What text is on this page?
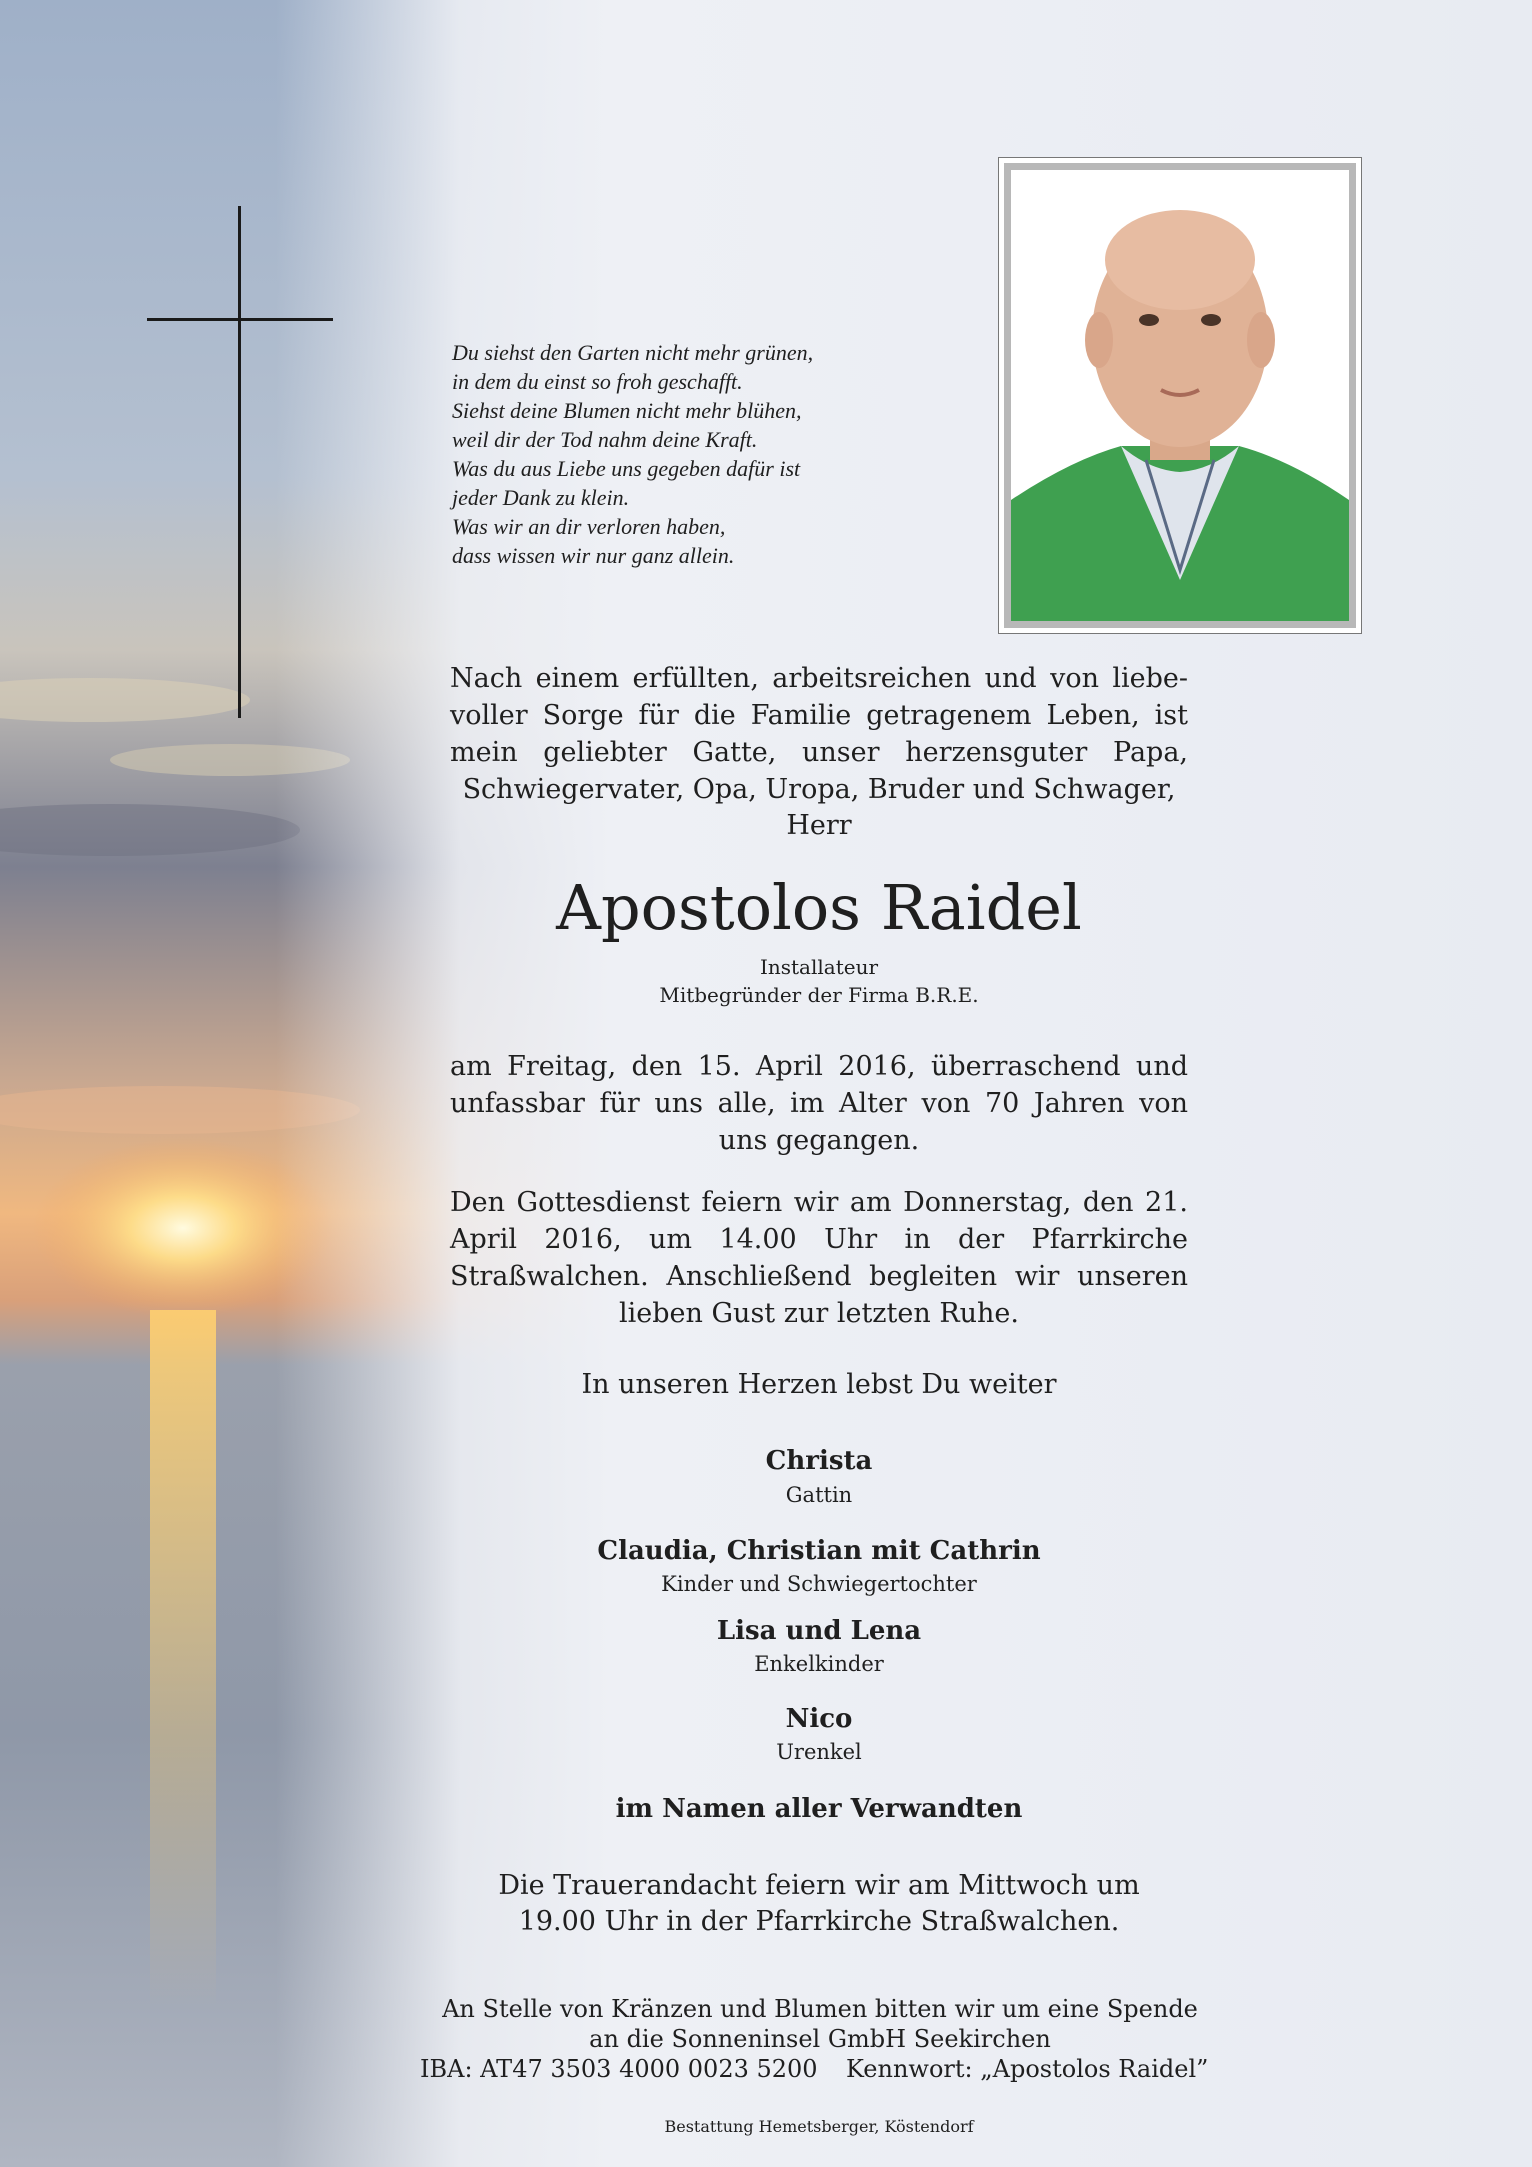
Du siehst den Garten nicht mehr grünen,
in dem du einst so froh geschafft.
Siehst deine Blumen nicht mehr blühen,
weil dir der Tod nahm deine Kraft.
Was du aus Liebe uns gegeben dafür ist
jeder Dank zu klein.
Was wir an dir verloren haben,
dass wissen wir nur ganz allein.
Nach einem erfüllten, arbeitsreichen und von liebe-voller Sorge für die Familie getragenem Leben, ist mein geliebter Gatte, unser herzensguter Papa, Schwiegervater, Opa, Uropa, Bruder und Schwager,
Herr
Apostolos Raidel
Installateur
Mitbegründer der Firma B.R.E.
am Freitag, den 15. April 2016, überraschend und unfassbar für uns alle, im Alter von 70 Jahren von uns gegangen.
Den Gottesdienst feiern wir am Donnerstag, den 21. April 2016, um 14.00 Uhr in der Pfarrkirche Straßwalchen. Anschließend begleiten wir unseren lieben Gust zur letzten Ruhe.
In unseren Herzen lebst Du weiter
Christa
Gattin
Claudia, Christian mit Cathrin
Kinder und Schwiegertochter
Lisa und Lena
Enkelkinder
Nico
Urenkel
im Namen aller Verwandten
Die Trauerandacht feiern wir am Mittwoch um
19.00 Uhr in der Pfarrkirche Straßwalchen.
An Stelle von Kränzen und Blumen bitten wir um eine Spende
an die Sonneninsel GmbH Seekirchen
IBA: AT47 3503 4000 0023 5200 Kennwort: „Apostolos Raidel”
Bestattung Hemetsberger, Köstendorf
